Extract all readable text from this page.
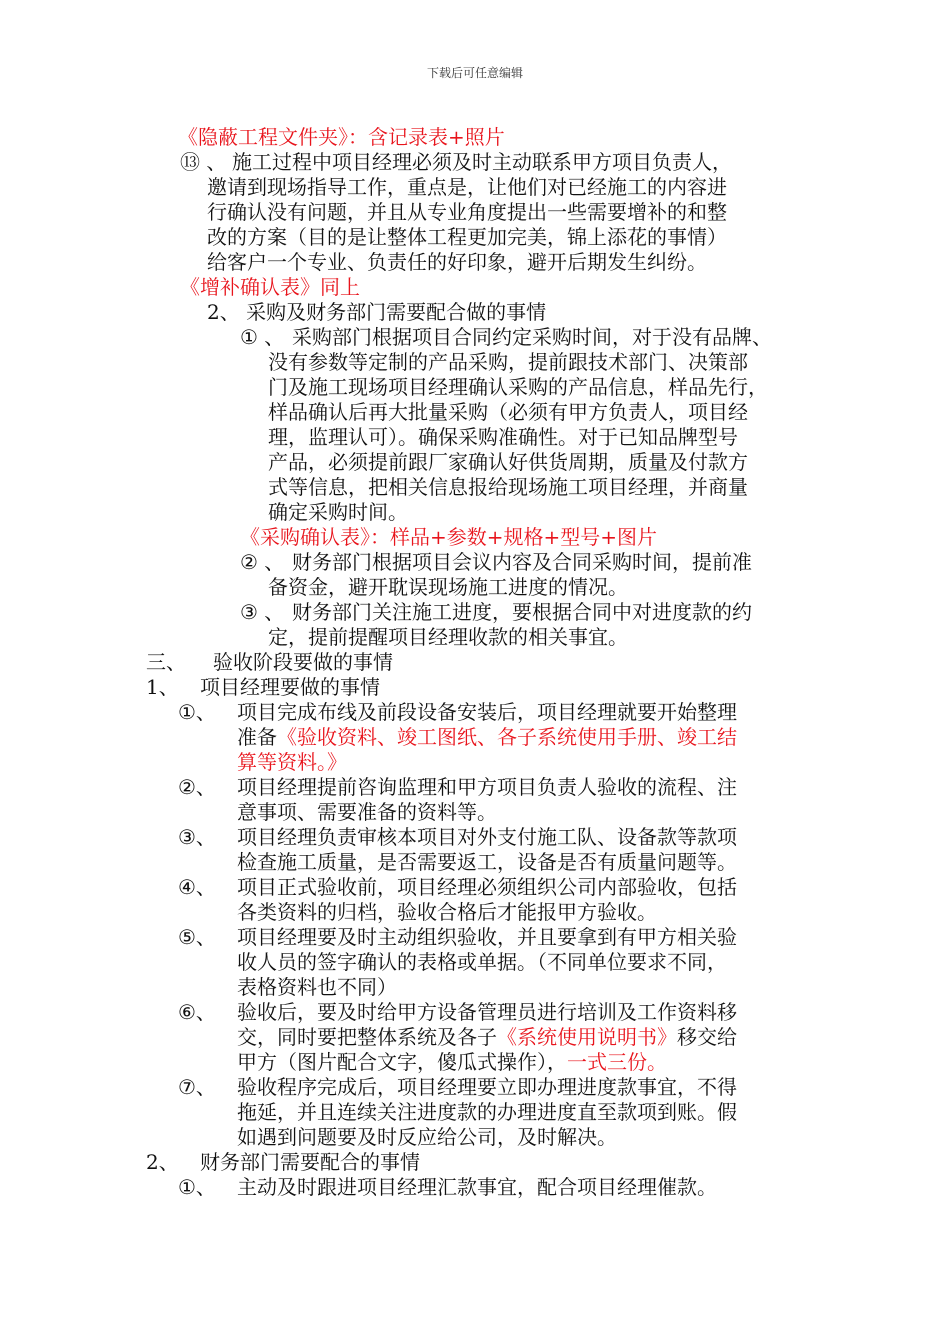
下载后可任意编辑
《隐蔽工程文件夹》：含记录表+照片
⑬ 、 施工过程中项目经理必须及时主动联系甲方项目负责人，
邀请到现场指导工作，重点是，让他们对已经施工的内容进
行确认没有问题，并且从专业角度提出一些需要增补的和整
改的方案（目的是让整体工程更加完美，锦上添花的事情）
给客户一个专业、负责任的好印象，避开后期发生纠纷。
《增补确认表》同上
2、 采购及财务部门需要配合做的事情
① 、 采购部门根据项目合同约定采购时间，对于没有品牌、
没有参数等定制的产品采购，提前跟技术部门、决策部
门及施工现场项目经理确认采购的产品信息，样品先行，
样品确认后再大批量采购（必须有甲方负责人，项目经
理，监理认可）。确保采购准确性。对于已知品牌型号
产品，必须提前跟厂家确认好供货周期，质量及付款方
式等信息，把相关信息报给现场施工项目经理，并商量
确定采购时间。
《采购确认表》：样品+参数+规格+型号+图片
② 、 财务部门根据项目会议内容及合同采购时间，提前准
备资金，避开耽误现场施工进度的情况。
③ 、 财务部门关注施工进度，要根据合同中对进度款的约
定，提前提醒项目经理收款的相关事宜。
三、 验收阶段要做的事情
1、 项目经理要做的事情
①、 项目完成布线及前段设备安装后，项目经理就要开始整理
准备《验收资料、竣工图纸、各子系统使用手册、竣工结
算等资料。》
②、 项目经理提前咨询监理和甲方项目负责人验收的流程、注
意事项、需要准备的资料等。
③、 项目经理负责审核本项目对外支付施工队、设备款等款项
检查施工质量，是否需要返工，设备是否有质量问题等。
④、 项目正式验收前，项目经理必须组织公司内部验收，包括
各类资料的归档，验收合格后才能报甲方验收。
⑤、 项目经理要及时主动组织验收，并且要拿到有甲方相关验
收人员的签字确认的表格或单据。（不同单位要求不同，
表格资料也不同）
⑥、 验收后，要及时给甲方设备管理员进行培训及工作资料移
交，同时要把整体系统及各子《系统使用说明书》移交给
甲方（图片配合文字，傻瓜式操作），一式三份。
⑦、 验收程序完成后，项目经理要立即办理进度款事宜，不得
拖延，并且连续关注进度款的办理进度直至款项到账。假
如遇到问题要及时反应给公司，及时解决。
2、 财务部门需要配合的事情
①、 主动及时跟进项目经理汇款事宜，配合项目经理催款。
